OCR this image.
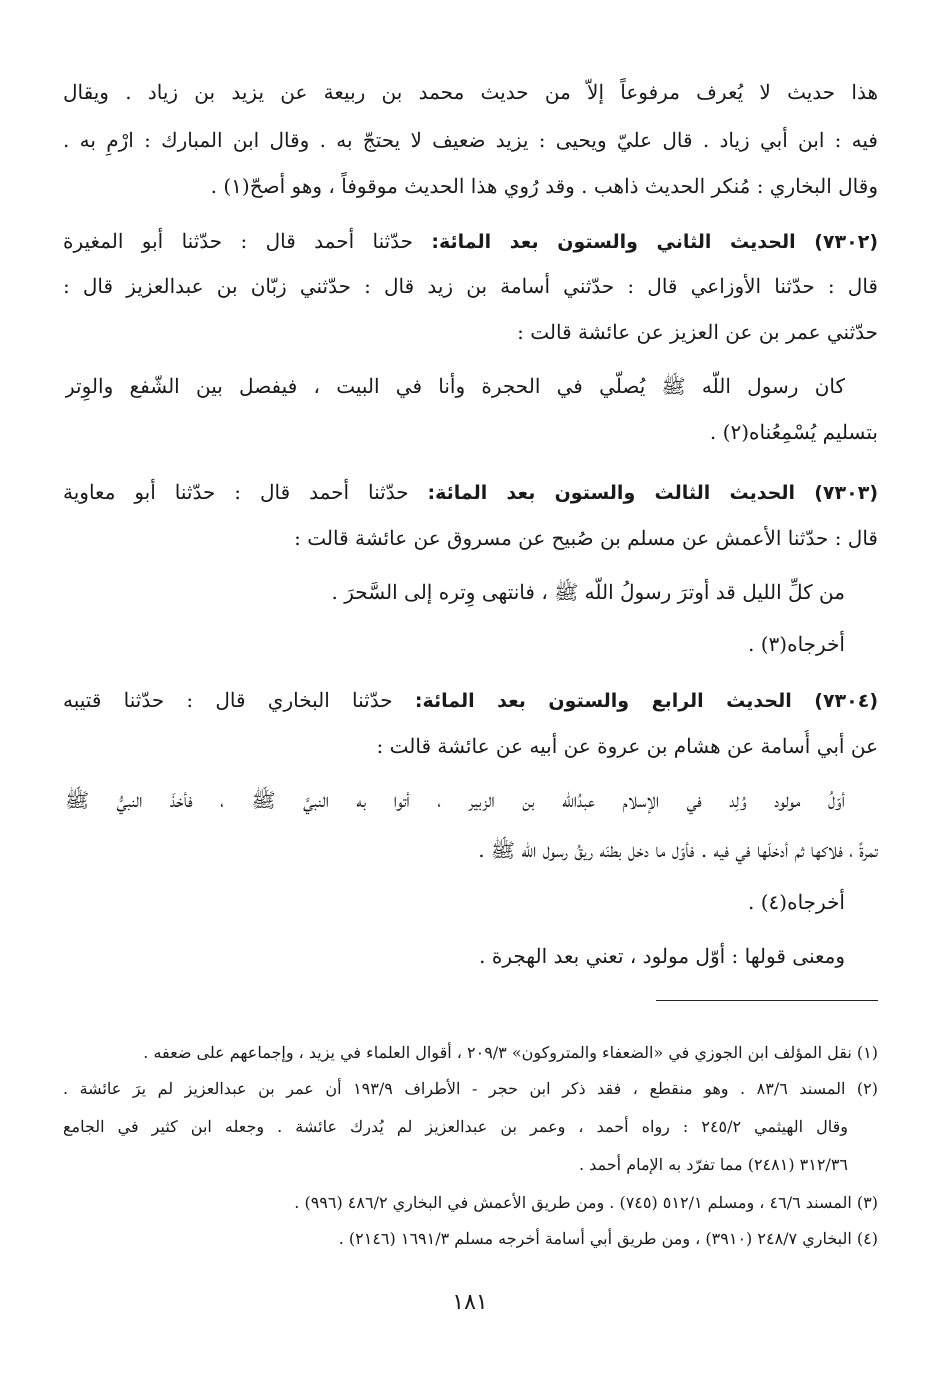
هذا حديث لا يُعرف مرفوعاً إلاّ من حديث محمد بن ربيعة عن يزيد بن زياد . ويقال
فيه : ابن أبي زياد . قال عليّ ويحيى : يزيد ضعيف لا يحتجّ به . وقال ابن المبارك : ارْمِ به .
وقال البخاري : مُنكر الحديث ذاهب . وقد رُوي هذا الحديث موقوفاً ، وهو أصحّ(١) .
(٧٣٠٢) الحديث الثاني والستون بعد المائة: حدّثنا أحمد قال : حدّثنا أبو المغيرة
قال : حدّثنا الأوزاعي قال : حدّثني أسامة بن زيد قال : حدّثني زبّان بن عبدالعزيز قال :
حدّثني عمر بن عن العزيز عن عائشة قالت :
كان رسول اللّه ﷺ يُصلّي في الحجرة وأنا في البيت ، فيفصل بين الشّفع والوِتر
بتسليم يُسْمِعُناه(٢) .
(٧٣٠٣) الحديث الثالث والستون بعد المائة: حدّثنا أحمد قال : حدّثنا أبو معاوية
قال : حدّثنا الأعمش عن مسلم بن صُبيح عن مسروق عن عائشة قالت :
من كلِّ الليل قد أوترَ رسولُ اللّه ﷺ ، فانتهى وِتره إلى السَّحرَ .
أخرجاه(٣) .
(٧٣٠٤) الحديث الرابع والستون بعد المائة: حدّثنا البخاري قال : حدّثنا قتيبه
عن أبي أُسامة عن هشام بن عروة عن أبيه عن عائشة قالت :
أوّلُ مولود وُلِد في الإسلام عبدُاللّه بن الزبير ، أتوا به النبيَّ ﷺ ، فأخذَ النبيُّ ﷺ
تمرةً ، فلاكها ثم أدخلَها في فيه . فأوّل ما دخل بطنَه ريقُ رسول اللّه ﷺ .
أخرجاه(٤) .
ومعنى قولها : أوّل مولود ، تعني بعد الهجرة .
(١) نقل المؤلف ابن الجوزي في «الضعفاء والمتروكون» ٢٠٩/٣ ، أقوال العلماء في يزيد ، وإجماعهم على ضعفه .
(٢) المسند ٨٣/٦ . وهو منقطع ، فقد ذكر ابن حجر - الأطراف ١٩٣/٩ أن عمر بن عبدالعزيز لم يرَ عائشة .
وقال الهيثمي ٢٤٥/٢ : رواه أحمد ، وعمر بن عبدالعزيز لم يُدرك عائشة . وجعله ابن كثير في الجامع
٣١٢/٣٦ (٢٤٨١) مما تفرّد به الإمام أحمد .
(٣) المسند ٤٦/٦ ، ومسلم ٥١٢/١ (٧٤٥) . ومن طريق الأعمش في البخاري ٤٨٦/٢ (٩٩٦) .
(٤) البخاري ٢٤٨/٧ (٣٩١٠) ، ومن طريق أبي أسامة أخرجه مسلم ١٦٩١/٣ (٢١٤٦) .
١٨١
